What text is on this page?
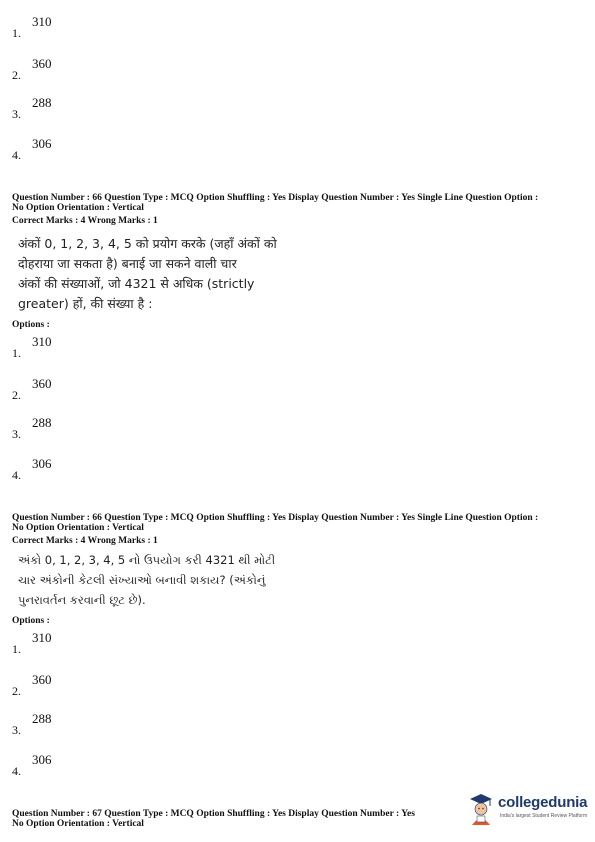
1.
310
2.
360
3.
288
4.
306
Question Number : 66 Question Type : MCQ Option Shuffling : Yes Display Question Number : Yes Single Line Question Option :
No Option Orientation : Vertical
Correct Marks : 4 Wrong Marks : 1
अंकों 0, 1, 2, 3, 4, 5 को प्रयोग करके (जहाँ अंकों को
दोहराया जा सकता है) बनाई जा सकने वाली चार
अंकों की संख्याओं, जो 4321 से अधिक (strictly
greater) हों, की संख्या है :
Options :
1.
310
2.
360
3.
288
4.
306
Question Number : 66 Question Type : MCQ Option Shuffling : Yes Display Question Number : Yes Single Line Question Option :
No Option Orientation : Vertical
Correct Marks : 4 Wrong Marks : 1
અંકો 0, 1, 2, 3, 4, 5 નો ઉપયોગ કરી 4321 થી મોટી
ચાર અંકોની કેટલી સંખ્યાઓ બનાવી શકાય? (અંકોનું
પુનરાવર્તન કરવાની છૂટ છે).
Options :
1.
310
2.
360
3.
288
4.
306
Question Number : 67 Question Type : MCQ Option Shuffling : Yes Display Question Number : Yes
No Option Orientation : Vertical
collegedunia
India's largest Student Review Platform
